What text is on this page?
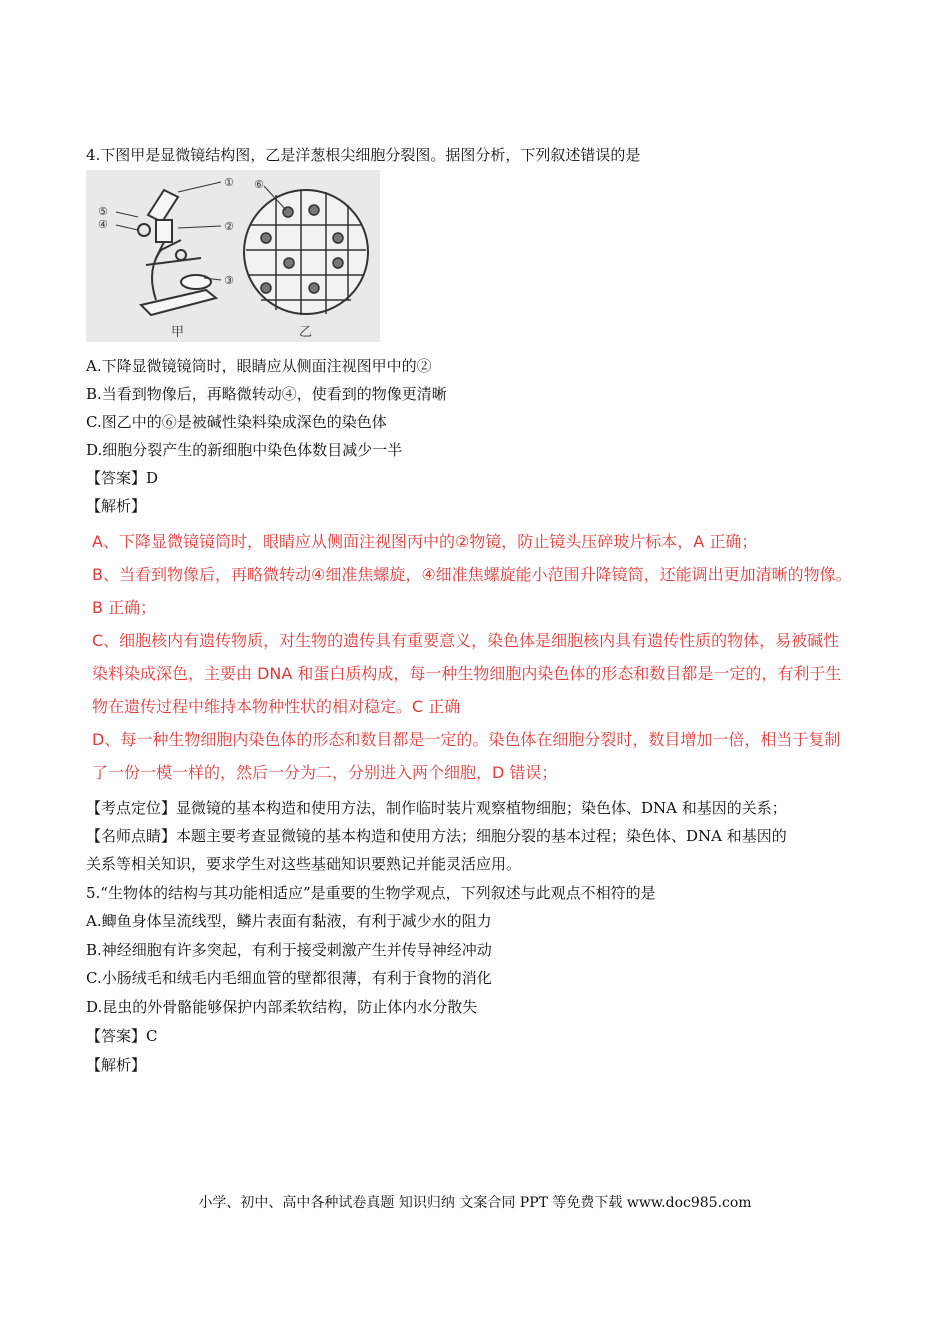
4.下图甲是显微镜结构图，乙是洋葱根尖细胞分裂图。据图分析，下列叙述错误的是
①
②
③
④
⑤
甲
⑥
乙
A.下降显微镜镜筒时，眼睛应从侧面注视图甲中的②
B.当看到物像后，再略微转动④，使看到的物像更清晰
C.图乙中的⑥是被碱性染料染成深色的染色体
D.细胞分裂产生的新细胞中染色体数目减少一半
【答案】D
【解析】
A、下降显微镜镜筒时，眼睛应从侧面注视图丙中的②物镜，防止镜头压碎玻片标本，A 正确；
B、当看到物像后，再略微转动④细准焦螺旋，④细准焦螺旋能小范围升降镜筒，还能调出更加清晰的物像。
B 正确；
C、细胞核内有遗传物质，对生物的遗传具有重要意义，染色体是细胞核内具有遗传性质的物体，易被碱性
染料染成深色，主要由 DNA 和蛋白质构成，每一种生物细胞内染色体的形态和数目都是一定的，有利于生
物在遗传过程中维持本物种性状的相对稳定。C 正确
D、每一种生物细胞内染色体的形态和数目都是一定的。染色体在细胞分裂时，数目增加一倍，相当于复制
了一份一模一样的，然后一分为二，分别进入两个细胞，D 错误；
【考点定位】显微镜的基本构造和使用方法，制作临时装片观察植物细胞；染色体、DNA 和基因的关系；
【名师点睛】本题主要考查显微镜的基本构造和使用方法；细胞分裂的基本过程；染色体、DNA 和基因的
关系等相关知识，要求学生对这些基础知识要熟记并能灵活应用。
5.“生物体的结构与其功能相适应”是重要的生物学观点，下列叙述与此观点不相符的是
A.鲫鱼身体呈流线型，鳞片表面有黏液，有利于减少水的阻力
B.神经细胞有许多突起，有利于接受刺激产生并传导神经冲动
C.小肠绒毛和绒毛内毛细血管的壁都很薄，有利于食物的消化
D.昆虫的外骨骼能够保护内部柔软结构，防止体内水分散失
【答案】C
【解析】
小学、初中、高中各种试卷真题 知识归纳 文案合同 PPT 等免费下载 www.doc985.com
